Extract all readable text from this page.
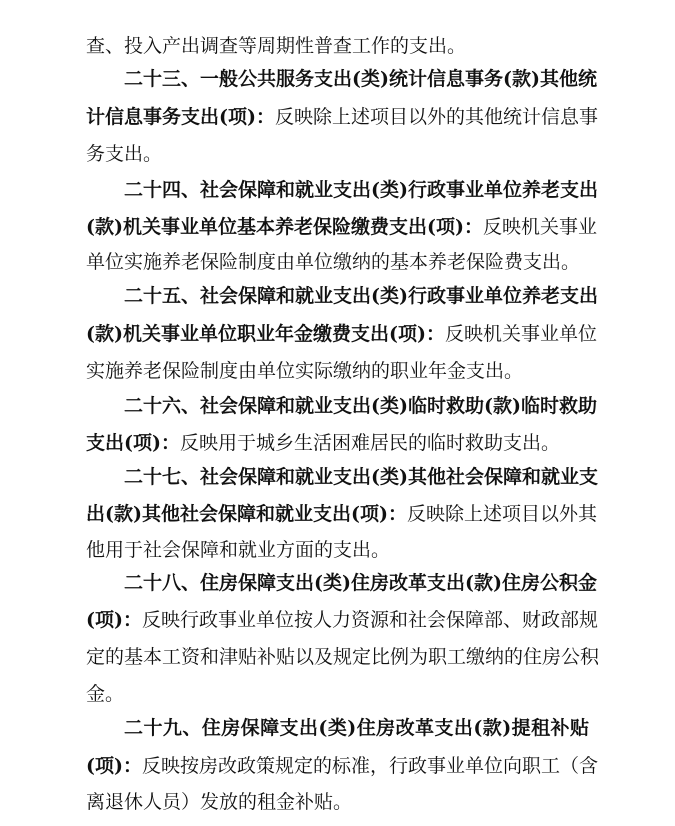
查、投入产出调查等周期性普查工作的支出。
二十三、一般公共服务支出(类)统计信息事务(款)其他统
计信息事务支出(项)：反映除上述项目以外的其他统计信息事
务支出。
二十四、社会保障和就业支出(类)行政事业单位养老支出
(款)机关事业单位基本养老保险缴费支出(项)：反映机关事业
单位实施养老保险制度由单位缴纳的基本养老保险费支出。
二十五、社会保障和就业支出(类)行政事业单位养老支出
(款)机关事业单位职业年金缴费支出(项)：反映机关事业单位
实施养老保险制度由单位实际缴纳的职业年金支出。
二十六、社会保障和就业支出(类)临时救助(款)临时救助
支出(项)：反映用于城乡生活困难居民的临时救助支出。
二十七、社会保障和就业支出(类)其他社会保障和就业支
出(款)其他社会保障和就业支出(项)：反映除上述项目以外其
他用于社会保障和就业方面的支出。
二十八、住房保障支出(类)住房改革支出(款)住房公积金
(项)：反映行政事业单位按人力资源和社会保障部、财政部规
定的基本工资和津贴补贴以及规定比例为职工缴纳的住房公积
金。
二十九、住房保障支出(类)住房改革支出(款)提租补贴
(项)：反映按房改政策规定的标准，行政事业单位向职工（含
离退休人员）发放的租金补贴。
